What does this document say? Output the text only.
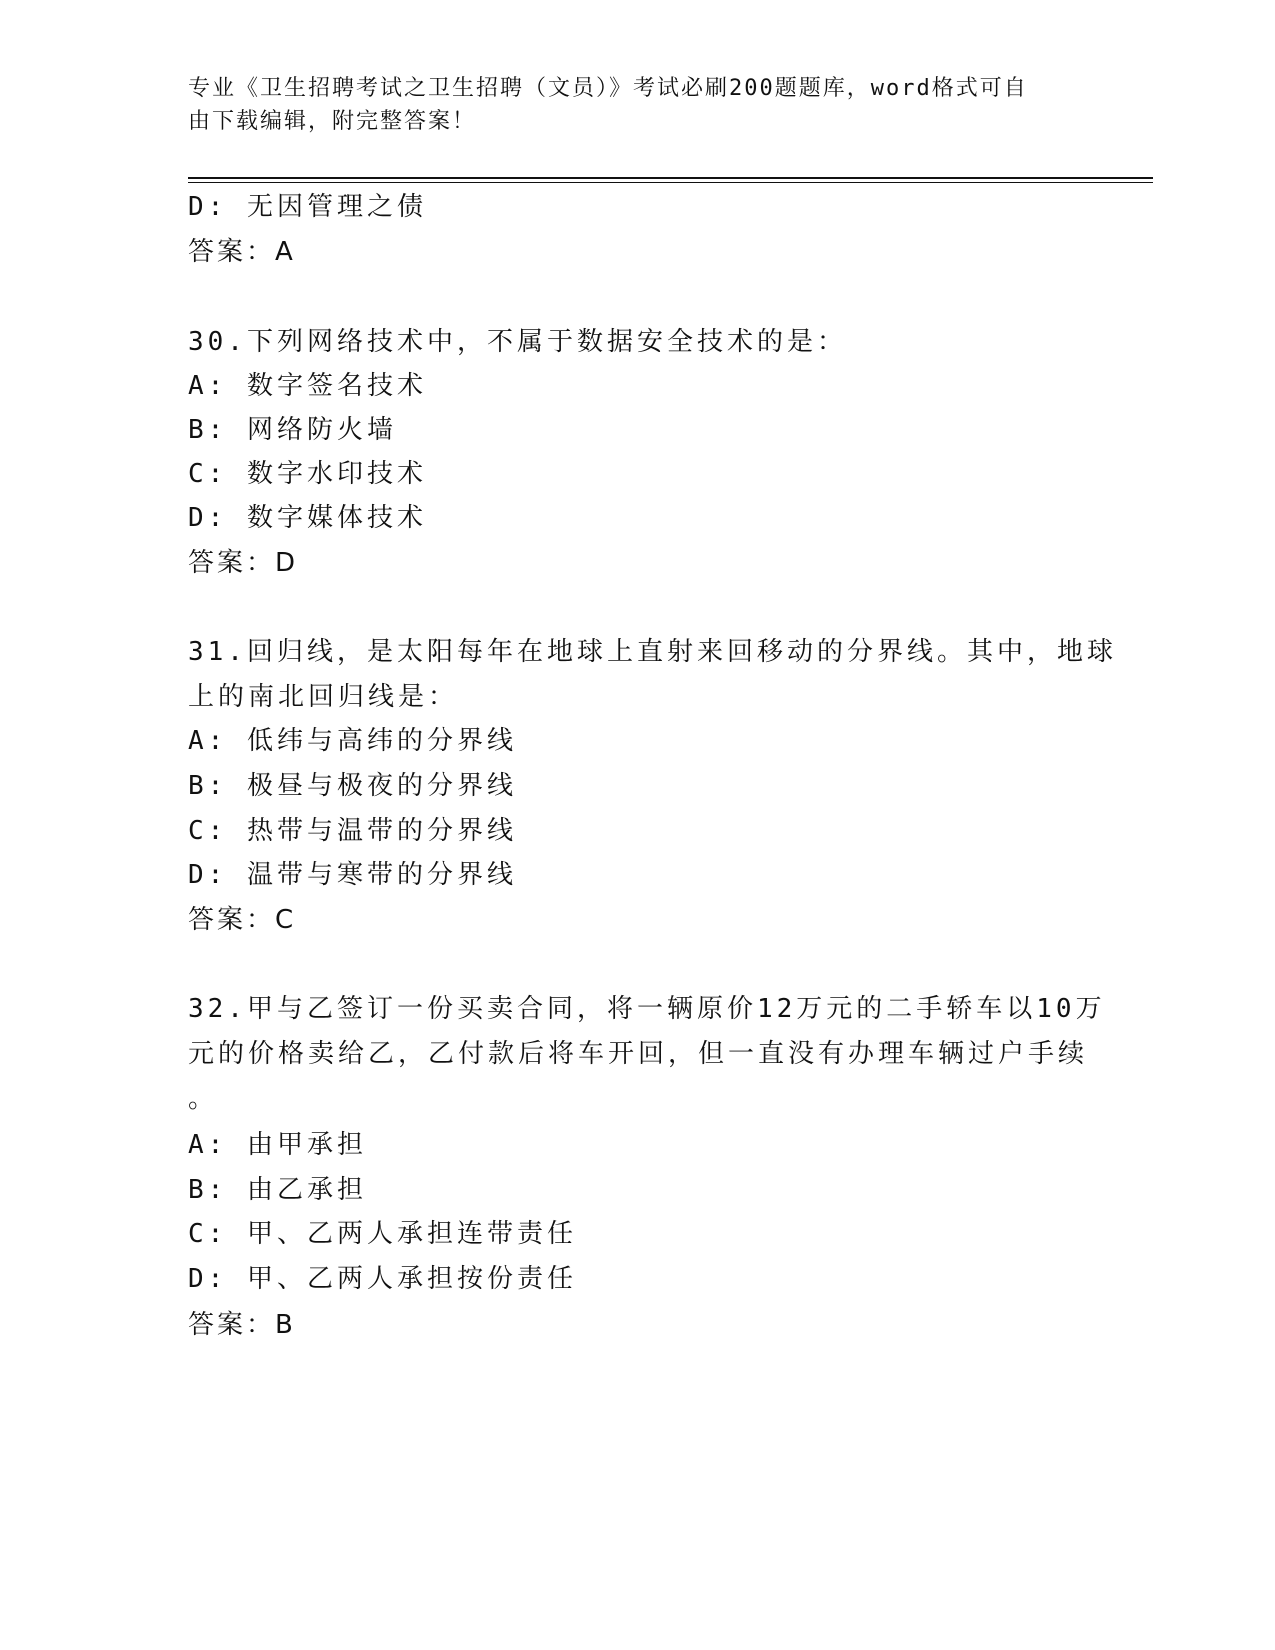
专业《卫生招聘考试之卫生招聘（文员）》考试必刷200题题库，word格式可自
由下载编辑，附完整答案！
D: 无因管理之债
答案：A
30.下列网络技术中，不属于数据安全技术的是：
A: 数字签名技术
B: 网络防火墙
C: 数字水印技术
D: 数字媒体技术
答案：D
31.回归线，是太阳每年在地球上直射来回移动的分界线。其中，地球
上的南北回归线是：
A: 低纬与高纬的分界线
B: 极昼与极夜的分界线
C: 热带与温带的分界线
D: 温带与寒带的分界线
答案：C
32.甲与乙签订一份买卖合同，将一辆原价12万元的二手轿车以10万
元的价格卖给乙，乙付款后将车开回，但一直没有办理车辆过户手续
。
A: 由甲承担
B: 由乙承担
C: 甲、乙两人承担连带责任
D: 甲、乙两人承担按份责任
答案：B
